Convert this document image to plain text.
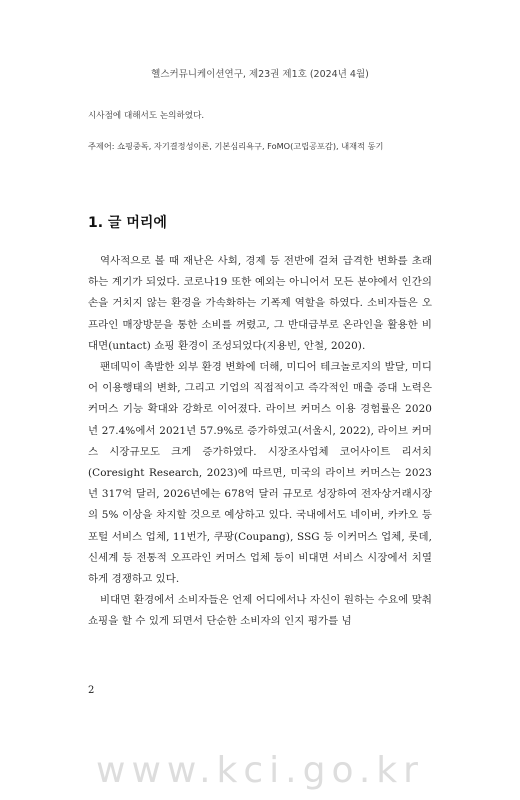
헬스커뮤니케이션연구, 제23권 제1호 (2024년 4월)
시사점에 대해서도 논의하였다.
주제어: 쇼핑중독, 자기결정성이론, 기본심리욕구, FoMO(고립공포감), 내재적 동기
1. 글 머리에

역사적으로 볼 때 재난은 사회, 경제 등 전반에 걸쳐 급격한 변화를 초래하는 계기가 되었다. 코로나19 또한 예외는 아니어서 모든 분야에서 인간의 손을 거치지 않는 환경을 가속화하는 기폭제 역할을 하였다. 소비자들은 오프라인 매장방문을 통한 소비를 꺼렸고, 그 반대급부로 온라인을 활용한 비대면(untact) 쇼핑 환경이 조성되었다(지용빈, 안철, 2020).

팬데믹이 촉발한 외부 환경 변화에 더해, 미디어 테크놀로지의 발달, 미디어 이용행태의 변화, 그리고 기업의 직접적이고 즉각적인 매출 증대 노력은 커머스 기능 확대와 강화로 이어졌다. 라이브 커머스 이용 경험률은 2020년 27.4%에서 2021년 57.9%로 증가하였고(서울시, 2022), 라이브 커머스 시장규모도 크게 증가하였다. 시장조사업체 코어사이트 리서치(Coresight Research, 2023)에 따르면, 미국의 라이브 커머스는 2023년 317억 달러, 2026년에는 678억 달러 규모로 성장하여 전자상거래시장의 5% 이상을 차지할 것으로 예상하고 있다. 국내에서도 네이버, 카카오 등 포털 서비스 업체, 11번가, 쿠팡(Coupang), SSG 등 이커머스 업체, 롯데, 신세계 등 전통적 오프라인 커머스 업체 등이 비대면 서비스 시장에서 치열하게 경쟁하고 있다.

비대면 환경에서 소비자들은 언제 어디에서나 자신이 원하는 수요에 맞춰 쇼핑을 할 수 있게 되면서 단순한 소비자의 인지 평가를 넘

2
www.kci.go.kr
